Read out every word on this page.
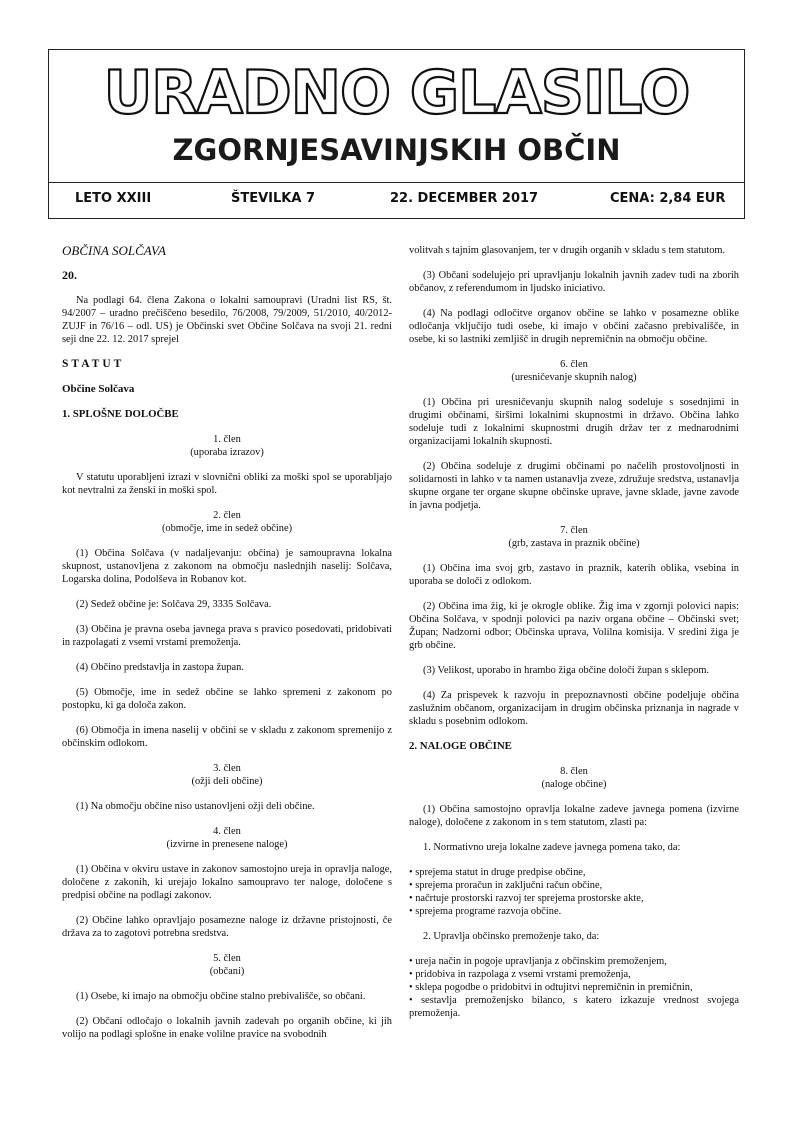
URADNO GLASILO
ZGORNJESAVINJSKIH OBČIN
LETO XXIII	ŠTEVILKA 7	22. DECEMBER 2017	CENA: 2,84 EUR

OBČINA SOLČAVA

20.

Na podlagi 64. člena Zakona o lokalni samoupravi (Uradni list RS, št. 94/2007 – uradno prečiščeno besedilo, 76/2008, 79/2009, 51/2010, 40/2012-ZUJF in 76/16 – odl. US) je Občinski svet Občine Solčava na svoji 21. redni seji dne 22. 12. 2017 sprejel

STATUT

Občine Solčava

1. SPLOŠNE DOLOČBE

1. člen
(uporaba izrazov)

V statutu uporabljeni izrazi v slovnični obliki za moški spol se uporabljajo kot nevtralni za ženski in moški spol.

2. člen
(območje, ime in sedež občine)

(1) Občina Solčava (v nadaljevanju: občina) je samoupravna lokalna skupnost, ustanovljena z zakonom na območju naslednjih naselij: Solčava, Logarska dolina, Podolševa in Robanov kot.

(2) Sedež občine je: Solčava 29, 3335 Solčava.

(3) Občina je pravna oseba javnega prava s pravico posedovati, pridobivati in razpolagati z vsemi vrstami premoženja.

(4) Občino predstavlja in zastopa župan.

(5) Območje, ime in sedež občine se lahko spremeni z zakonom po postopku, ki ga določa zakon.

(6) Območja in imena naselij v občini se v skladu z zakonom spremenijo z občinskim odlokom.

3. člen
(ožji deli občine)

(1) Na območju občine niso ustanovljeni ožji deli občine.

4. člen
(izvirne in prenesene naloge)

(1) Občina v okviru ustave in zakonov samostojno ureja in opravlja naloge, določene z zakonih, ki urejajo lokalno samoupravo ter naloge, določene s predpisi občine na podlagi zakonov.

(2) Občine lahko opravljajo posamezne naloge iz državne pristojnosti, če država za to zagotovi potrebna sredstva.

5. člen
(občani)

(1) Osebe, ki imajo na območju občine stalno prebivališče, so občani.

(2) Občani odločajo o lokalnih javnih zadevah po organih občine, ki jih volijo na podlagi splošne in enake volilne pravice na svobodnih

volitvah s tajnim glasovanjem, ter v drugih organih v skladu s tem statutom.

(3) Občani sodelujejo pri upravljanju lokalnih javnih zadev tudi na zborih občanov, z referendumom in ljudsko iniciativo.

(4) Na podlagi odločitve organov občine se lahko v posamezne oblike odločanja vključijo tudi osebe, ki imajo v občini začasno prebivališče, in osebe, ki so lastniki zemljišč in drugih nepremičnin na območju občine.

6. člen
(uresničevanje skupnih nalog)

(1) Občina pri uresničevanju skupnih nalog sodeluje s sosednjimi in drugimi občinami, širšimi lokalnimi skupnostmi in državo. Občina lahko sodeluje tudi z lokalnimi skupnostmi drugih držav ter z mednarodnimi organizacijami lokalnih skupnosti.

(2) Občina sodeluje z drugimi občinami po načelih prostovoljnosti in solidarnosti in lahko v ta namen ustanavlja zveze, združuje sredstva, ustanavlja skupne organe ter organe skupne občinske uprave, javne sklade, javne zavode in javna podjetja.

7. člen
(grb, zastava in praznik občine)

(1) Občina ima svoj grb, zastavo in praznik, katerih oblika, vsebina in uporaba se določi z odlokom.

(2) Občina ima žig, ki je okrogle oblike. Žig ima v zgornji polovici napis: Občina Solčava, v spodnji polovici pa naziv organa občine – Občinski svet; Župan; Nadzorni odbor; Občinska uprava, Volilna komisija. V sredini žiga je grb občine.

(3) Velikost, uporabo in hrambo žiga občine določi župan s sklepom.

(4) Za prispevek k razvoju in prepoznavnosti občine podeljuje občina zaslužnim občanom, organizacijam in drugim občinska priznanja in nagrade v skladu s posebnim odlokom.

2. NALOGE OBČINE

8. člen
(naloge občine)

(1) Občina samostojno opravlja lokalne zadeve javnega pomena (izvirne naloge), določene z zakonom in s tem statutom, zlasti pa:

1. Normativno ureja lokalne zadeve javnega pomena tako, da:

• sprejema statut in druge predpise občine,
• sprejema proračun in zaključni račun občine,
• načrtuje prostorski razvoj ter sprejema prostorske akte,
• sprejema programe razvoja občine.

2. Upravlja občinsko premoženje tako, da:

• ureja način in pogoje upravljanja z občinskim premoženjem,
• pridobiva in razpolaga z vsemi vrstami premoženja,
• sklepa pogodbe o pridobitvi in odtujitvi nepremičnin in premičnin,
• sestavlja premoženjsko bilanco, s katero izkazuje vrednost svojega premoženja.
